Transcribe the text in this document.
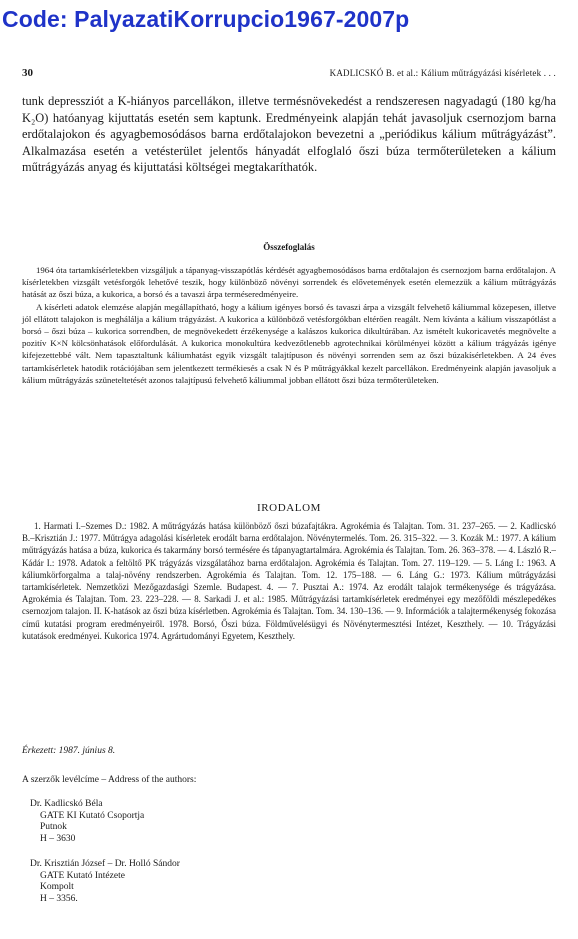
Code: PalyazatiKorrupcio1967-2007p
30	KADLICSKÓ B. et al.: Kálium műtrágyázási kísérletek . . .

tunk depressziót a K-hiányos parcellákon, illetve termésnövekedést a rendszeresen nagyadagú (180 kg/ha K₂O) hatóanyag kijuttatás esetén sem kaptunk. Eredményeink alapján tehát javasoljuk csernozjom barna erdőtalajokon és agyagbemosódásos barna erdőtalajokon bevezetni a „periódikus kálium műtrágyázást”. Alkalmazása esetén a vetésterület jelentős hányadát elfoglaló őszi búza termőterületeken a kálium műtrágyázás anyag és kijuttatási költségei megtakaríthatók.

Összefoglalás

1964 óta tartamkísérletekben vizsgáljuk a tápanyag-visszapótlás kérdését agyagbemosódásos barna erdőtalajon és csernozjom barna erdőtalajon. A kísérletekben vizsgált vetésforgók lehetővé teszik, hogy különböző növényi sorrendek és elővetemények esetén elemezzük a kálium műtrágyázás hatását az őszi búza, a kukorica, a borsó és a tavaszi árpa terméseredményeire.

A kísérleti adatok elemzése alapján megállapítható, hogy a kálium igényes borsó és tavaszi árpa a vizsgált felvehető káliummal közepesen, illetve jól ellátott talajokon is meghálálja a kálium trágyázást. A kukorica a különböző vetésforgókban eltérően reagált. Nem kívánta a kálium visszapótlást a borsó – őszi búza – kukorica sorrendben, de megnövekedett érzékenysége a kalászos kukorica dikultúrában. Az ismételt kukoricavetés megnövelte a pozitív K×N kölcsönhatások előfordulását. A kukorica monokultúra kedvezőtlenebb agrotechnikai körülményei között a kálium trágyázás igénye kifejezettebbé vált. Nem tapasztaltunk káliumhatást egyik vizsgált talajtípuson és növényi sorrenden sem az őszi búzakísérletekben. A 24 éves tartamkísérletek hatodik rotációjában sem jelentkezett termékiesés a csak N és P műtrágyákkal kezelt parcellákon. Eredményeink alapján javasoljuk a kálium műtrágyázás szüneteltetését azonos talajtípusú felvehető káliummal jobban ellátott őszi búza termőterületeken.

IRODALOM

1. Harmati I.–Szemes D.: 1982. A műtrágyázás hatása különböző őszi búzafajtákra. Agrokémia és Talajtan. Tom. 31. 237–265. — 2. Kadlicskó B.–Krisztián J.: 1977. Műtrágya adagolási kísérletek erodált barna erdőtalajon. Növénytermelés. Tom. 26. 315–322. — 3. Kozák M.: 1977. A kálium műtrágyázás hatása a búza, kukorica és takarmány borsó termésére és tápanyagtartalmára. Agrokémia és Talajtan. Tom. 26. 363–378. — 4. László R.–Kádár I.: 1978. Adatok a feltöltő PK trágyázás vizsgálatához barna erdőtalajon. Agrokémia és Talajtan. Tom. 27. 119–129. — 5. Láng I.: 1963. A káliumkörforgalma a talaj-növény rendszerben. Agrokémia és Talajtan. Tom. 12. 175–188. — 6. Láng G.: 1973. Kálium műtrágyázási tartamkísérletek. Nemzetközi Mezőgazdasági Szemle. Budapest. 4. — 7. Pusztai A.: 1974. Az erodált talajok termékenysége és trágyázása. Agrokémia és Talajtan. Tom. 23. 223–228. — 8. Sarkadi J. et al.: 1985. Műtrágyázási tartamkísérletek eredményei egy mezőföldi mészlepedékes csernozjom talajon. II. K-hatások az őszi búza kísérletben. Agrokémia és Talajtan. Tom. 34. 130–136. — 9. Információk a talajtermékenység fokozása című kutatási program eredményeiről. 1978. Borsó, Őszi búza. Földművelésügyi és Növénytermesztési Intézet, Keszthely. — 10. Trágyázási kutatások eredményei. Kukorica 1974. Agrártudományi Egyetem, Keszthely.

Érkezett: 1987. június 8.
A szerzők levélcíme – Address of the authors:
Dr. Kadlicskó Béla
GATE KI Kutató Csoportja
Putnok
H – 3630
Dr. Krisztián József – Dr. Holló Sándor
GATE Kutató Intézete
Kompolt
H – 3356.
